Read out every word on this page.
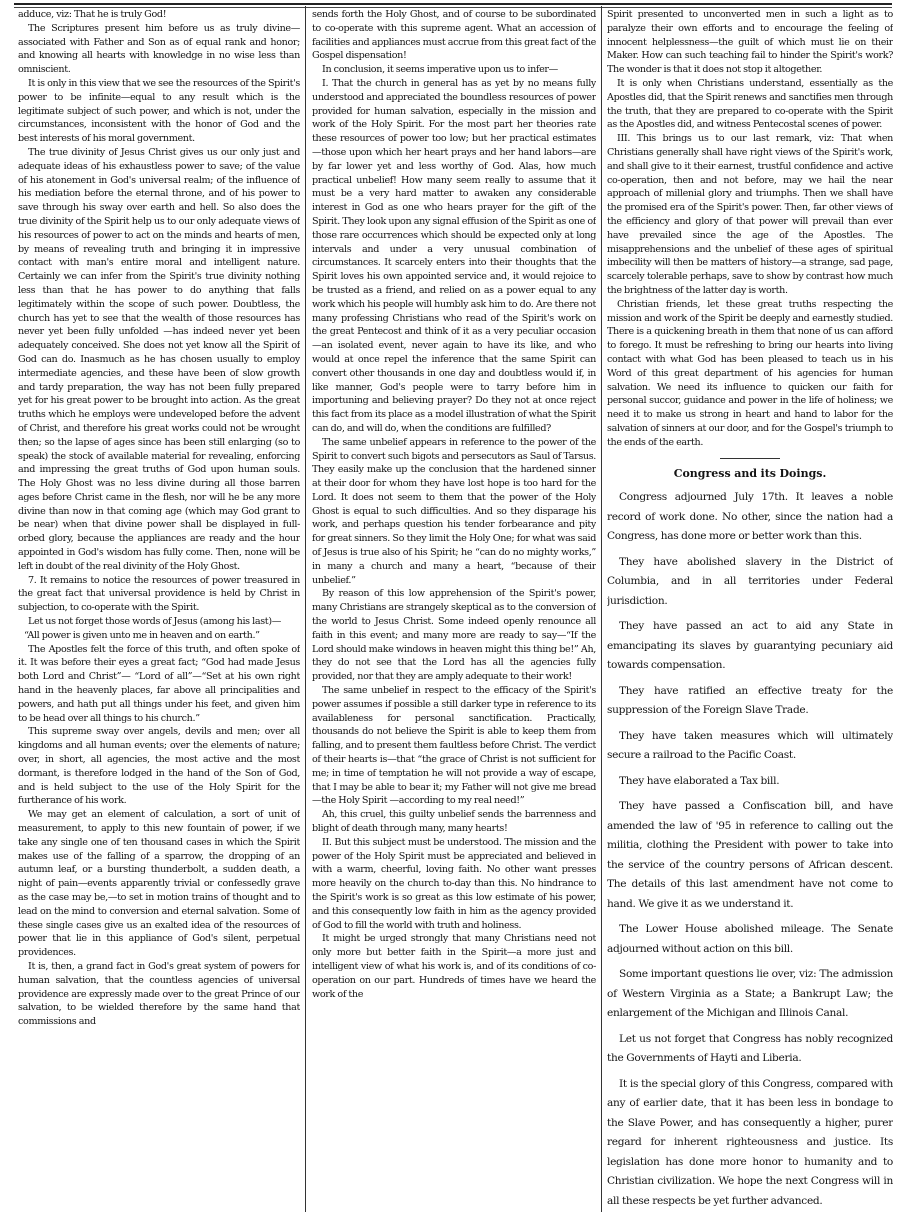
adduce, viz: That he is truly God!

The Scriptures present him before us as truly divine—associated with Father and Son as of equal rank and honor; and knowing all hearts with knowledge in no wise less than omniscient.

It is only in this view that we see the resources of the Spirit's power to be infinite—equal to any result which is the legitimate subject of such power, and which is not, under the circumstances, inconsistent with the honor of God and the best interests of his moral government.

The true divinity of Jesus Christ gives us our only just and adequate ideas of his exhaustless power to save; of the value of his atonement in God's universal realm; of the influence of his mediation before the eternal throne, and of his power to save through his sway over earth and hell. So also does the true divinity of the Spirit help us to our only adequate views of his resources of power to act on the minds and hearts of men, by means of revealing truth and bringing it in impressive contact with man's entire moral and intelligent nature. Certainly we can infer from the Spirit's true divinity nothing less than that he has power to do anything that falls legitimately within the scope of such power. Doubtless, the church has yet to see that the wealth of those resources has never yet been fully unfolded —has indeed never yet been adequately conceived. She does not yet know all the Spirit of God can do. Inasmuch as he has chosen usually to employ intermediate agencies, and these have been of slow growth and tardy preparation, the way has not been fully prepared yet for his great power to be brought into action. As the great truths which he employs were undeveloped before the advent of Christ, and therefore his great works could not be wrought then; so the lapse of ages since has been still enlarging (so to speak) the stock of available material for revealing, enforcing and impressing the great truths of God upon human souls. The Holy Ghost was no less divine during all those barren ages before Christ came in the flesh, nor will he be any more divine than now in that coming age (which may God grant to be near) when that divine power shall be displayed in full-orbed glory, because the appliances are ready and the hour appointed in God's wisdom has fully come. Then, none will be left in doubt of the real divinity of the Holy Ghost.

7. It remains to notice the resources of power treasured in the great fact that universal providence is held by Christ in subjection, to co-operate with the Spirit.

Let us not forget those words of Jesus (among his last)—

“All power is given unto me in heaven and on earth.”

The Apostles felt the force of this truth, and often spoke of it. It was before their eyes a great fact; “God had made Jesus both Lord and Christ”— “Lord of all”—“Set at his own right hand in the heavenly places, far above all principalities and powers, and hath put all things under his feet, and given him to be head over all things to his church.”

This supreme sway over angels, devils and men; over all kingdoms and all human events; over the elements of nature; over, in short, all agencies, the most active and the most dormant, is therefore lodged in the hand of the Son of God, and is held subject to the use of the Holy Spirit for the furtherance of his work.

We may get an element of calculation, a sort of unit of measurement, to apply to this new fountain of power, if we take any single one of ten thousand cases in which the Spirit makes use of the falling of a sparrow, the dropping of an autumn leaf, or a bursting thunderbolt, a sudden death, a night of pain—events apparently trivial or confessedly grave as the case may be,—to set in motion trains of thought and to lead on the mind to conversion and eternal salvation. Some of these single cases give us an exalted idea of the resources of power that lie in this appliance of God's silent, perpetual providences.

It is, then, a grand fact in God's great system of powers for human salvation, that the countless agencies of universal providence are expressly made over to the great Prince of our salvation, to be wielded therefore by the same hand that commissions and

sends forth the Holy Ghost, and of course to be subordinated to co-operate with this supreme agent. What an accession of facilities and appliances must accrue from this great fact of the Gospel dispensation!

In conclusion, it seems imperative upon us to infer—

I. That the church in general has as yet by no means fully understood and appreciated the boundless resources of power provided for human salvation, especially in the mission and work of the Holy Spirit. For the most part her theories rate these resources of power too low; but her practical estimates—those upon which her heart prays and her hand labors—are by far lower yet and less worthy of God. Alas, how much practical unbelief! How many seem really to assume that it must be a very hard matter to awaken any considerable interest in God as one who hears prayer for the gift of the Spirit. They look upon any signal effusion of the Spirit as one of those rare occurrences which should be expected only at long intervals and under a very unusual combination of circumstances. It scarcely enters into their thoughts that the Spirit loves his own appointed service and, it would rejoice to be trusted as a friend, and relied on as a power equal to any work which his people will humbly ask him to do. Are there not many professing Christians who read of the Spirit's work on the great Pentecost and think of it as a very peculiar occasion—an isolated event, never again to have its like, and who would at once repel the inference that the same Spirit can convert other thousands in one day and doubtless would if, in like manner, God's people were to tarry before him in importuning and believing prayer? Do they not at once reject this fact from its place as a model illustration of what the Spirit can do, and will do, when the conditions are fulfilled?

The same unbelief appears in reference to the power of the Spirit to convert such bigots and persecutors as Saul of Tarsus. They easily make up the conclusion that the hardened sinner at their door for whom they have lost hope is too hard for the Lord. It does not seem to them that the power of the Holy Ghost is equal to such difficulties. And so they disparage his work, and perhaps question his tender forbearance and pity for great sinners. So they limit the Holy One; for what was said of Jesus is true also of his Spirit; he “can do no mighty works,” in many a church and many a heart, “because of their unbelief.”

By reason of this low apprehension of the Spirit's power, many Christians are strangely skeptical as to the conversion of the world to Jesus Christ. Some indeed openly renounce all faith in this event; and many more are ready to say—“If the Lord should make windows in heaven might this thing be!” Ah, they do not see that the Lord has all the agencies fully provided, nor that they are amply adequate to their work!

The same unbelief in respect to the efficacy of the Spirit's power assumes if possible a still darker type in reference to its availableness for personal sanctification. Practically, thousands do not believe the Spirit is able to keep them from falling, and to present them faultless before Christ. The verdict of their hearts is—that “the grace of Christ is not sufficient for me; in time of temptation he will not provide a way of escape, that I may be able to bear it; my Father will not give me bread—the Holy Spirit —according to my real need!”

Ah, this cruel, this guilty unbelief sends the barrenness and blight of death through many, many hearts!

II. But this subject must be understood. The mission and the power of the Holy Spirit must be appreciated and believed in with a warm, cheerful, loving faith. No other want presses more heavily on the church to-day than this. No hindrance to the Spirit's work is so great as this low estimate of his power, and this consequently low faith in him as the agency provided of God to fill the world with truth and holiness.

It might be urged strongly that many Christians need not only more but better faith in the Spirit—a more just and intelligent view of what his work is, and of its conditions of co-operation on our part. Hundreds of times have we heard the work of the

Spirit presented to unconverted men in such a light as to paralyze their own efforts and to encourage the feeling of innocent helplessness—the guilt of which must lie on their Maker. How can such teaching fail to hinder the Spirit's work? The wonder is that it does not stop it altogether.

It is only when Christians understand, essentially as the Apostles did, that the Spirit renews and sanctifies men through the truth, that they are prepared to co-operate with the Spirit as the Apostles did, and witness Pentecostal scenes of power.

III. This brings us to our last remark, viz: That when Christians generally shall have right views of the Spirit's work, and shall give to it their earnest, trustful confidence and active co-operation, then and not before, may we hail the near approach of millenial glory and triumphs. Then we shall have the promised era of the Spirit's power. Then, far other views of the efficiency and glory of that power will prevail than ever have prevailed since the age of the Apostles. The misapprehensions and the unbelief of these ages of spiritual imbecility will then be matters of history—a strange, sad page, scarcely tolerable perhaps, save to show by contrast how much the brightness of the latter day is worth.

Christian friends, let these great truths respecting the mission and work of the Spirit be deeply and earnestly studied. There is a quickening breath in them that none of us can afford to forego. It must be refreshing to bring our hearts into living contact with what God has been pleased to teach us in his Word of this great department of his agencies for human salvation. We need its influence to quicken our faith for personal succor, guidance and power in the life of holiness; we need it to make us strong in heart and hand to labor for the salvation of sinners at our door, and for the Gospel's triumph to the ends of the earth.

Congress and its Doings.

Congress adjourned July 17th. It leaves a noble record of work done. No other, since the nation had a Congress, has done more or better work than this.

They have abolished slavery in the District of Columbia, and in all territories under Federal jurisdiction.

They have passed an act to aid any State in emancipating its slaves by guarantying pecuniary aid towards compensation.

They have ratified an effective treaty for the suppression of the Foreign Slave Trade.

They have taken measures which will ultimately secure a railroad to the Pacific Coast.

They have elaborated a Tax bill.

They have passed a Confiscation bill, and have amended the law of '95 in reference to calling out the militia, clothing the President with power to take into the service of the country persons of African descent. The details of this last amendment have not come to hand. We give it as we understand it.

The Lower House abolished mileage. The Senate adjourned without action on this bill.

Some important questions lie over, viz: The admission of Western Virginia as a State; a Bankrupt Law; the enlargement of the Michigan and Illinois Canal.

Let us not forget that Congress has nobly recognized the Governments of Hayti and Liberia.

It is the special glory of this Congress, compared with any of earlier date, that it has been less in bondage to the Slave Power, and has consequently a higher, purer regard for inherent righteousness and justice. Its legislation has done more honor to humanity and to Christian civilization. We hope the next Congress will in all these respects be yet further advanced.
